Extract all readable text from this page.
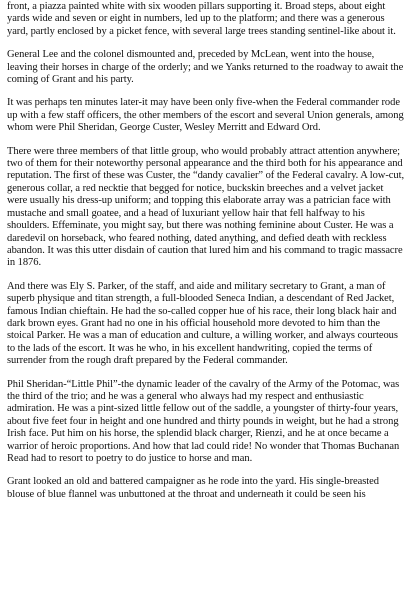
front, a piazza painted white with six wooden pillars supporting it. Broad steps, about eight yards wide and seven or eight in numbers, led up to the platform; and there was a generous yard, partly enclosed by a picket fence, with several large trees standing sentinel-like about it.

General Lee and the colonel dismounted and, preceded by McLean, went into the house, leaving their horses in charge of the orderly; and we Yanks returned to the roadway to await the coming of Grant and his party.

It was perhaps ten minutes later-it may have been only five-when the Federal commander rode up with a few staff officers, the other members of the escort and several Union generals, among whom were Phil Sheridan, George Custer, Wesley Merritt and Edward Ord.

There were three members of that little group, who would probably attract attention anywhere; two of them for their noteworthy personal appearance and the third both for his appearance and reputation. The first of these was Custer, the “dandy cavalier” of the Federal cavalry. A low-cut, generous collar, a red necktie that begged for notice, buckskin breeches and a velvet jacket were usually his dress-up uniform; and topping this elaborate array was a patrician face with mustache and small goatee, and a head of luxuriant yellow hair that fell halfway to his shoulders. Effeminate, you might say, but there was nothing feminine about Custer. He was a daredevil on horseback, who feared nothing, dated anything, and defied death with reckless abandon. It was this utter disdain of caution that lured him and his command to tragic massacre in 1876.

And there was Ely S. Parker, of the staff, and aide and military secretary to Grant, a man of superb physique and titan strength, a full-blooded Seneca Indian, a descendant of Red Jacket, famous Indian chieftain. He had the so-called copper hue of his race, their long black hair and dark brown eyes. Grant had no one in his official household more devoted to him than the stoical Parker. He was a man of education and culture, a willing worker, and always courteous to the lads of the escort. It was he who, in his excellent handwriting, copied the terms of surrender from the rough draft prepared by the Federal commander.

Phil Sheridan-“Little Phil”-the dynamic leader of the cavalry of the Army of the Potomac, was the third of the trio; and he was a general who always had my respect and enthusiastic admiration. He was a pint-sized little fellow out of the saddle, a youngster of thirty-four years, about five feet four in height and one hundred and thirty pounds in weight, but he had a strong Irish face. Put him on his horse, the splendid black charger, Rienzi, and he at once became a warrior of heroic proportions. And how that lad could ride! No wonder that Thomas Buchanan Read had to resort to poetry to do justice to horse and man.

Grant looked an old and battered campaigner as he rode into the yard. His single-breasted blouse of blue flannel was unbuttoned at the throat and underneath it could be seen his
